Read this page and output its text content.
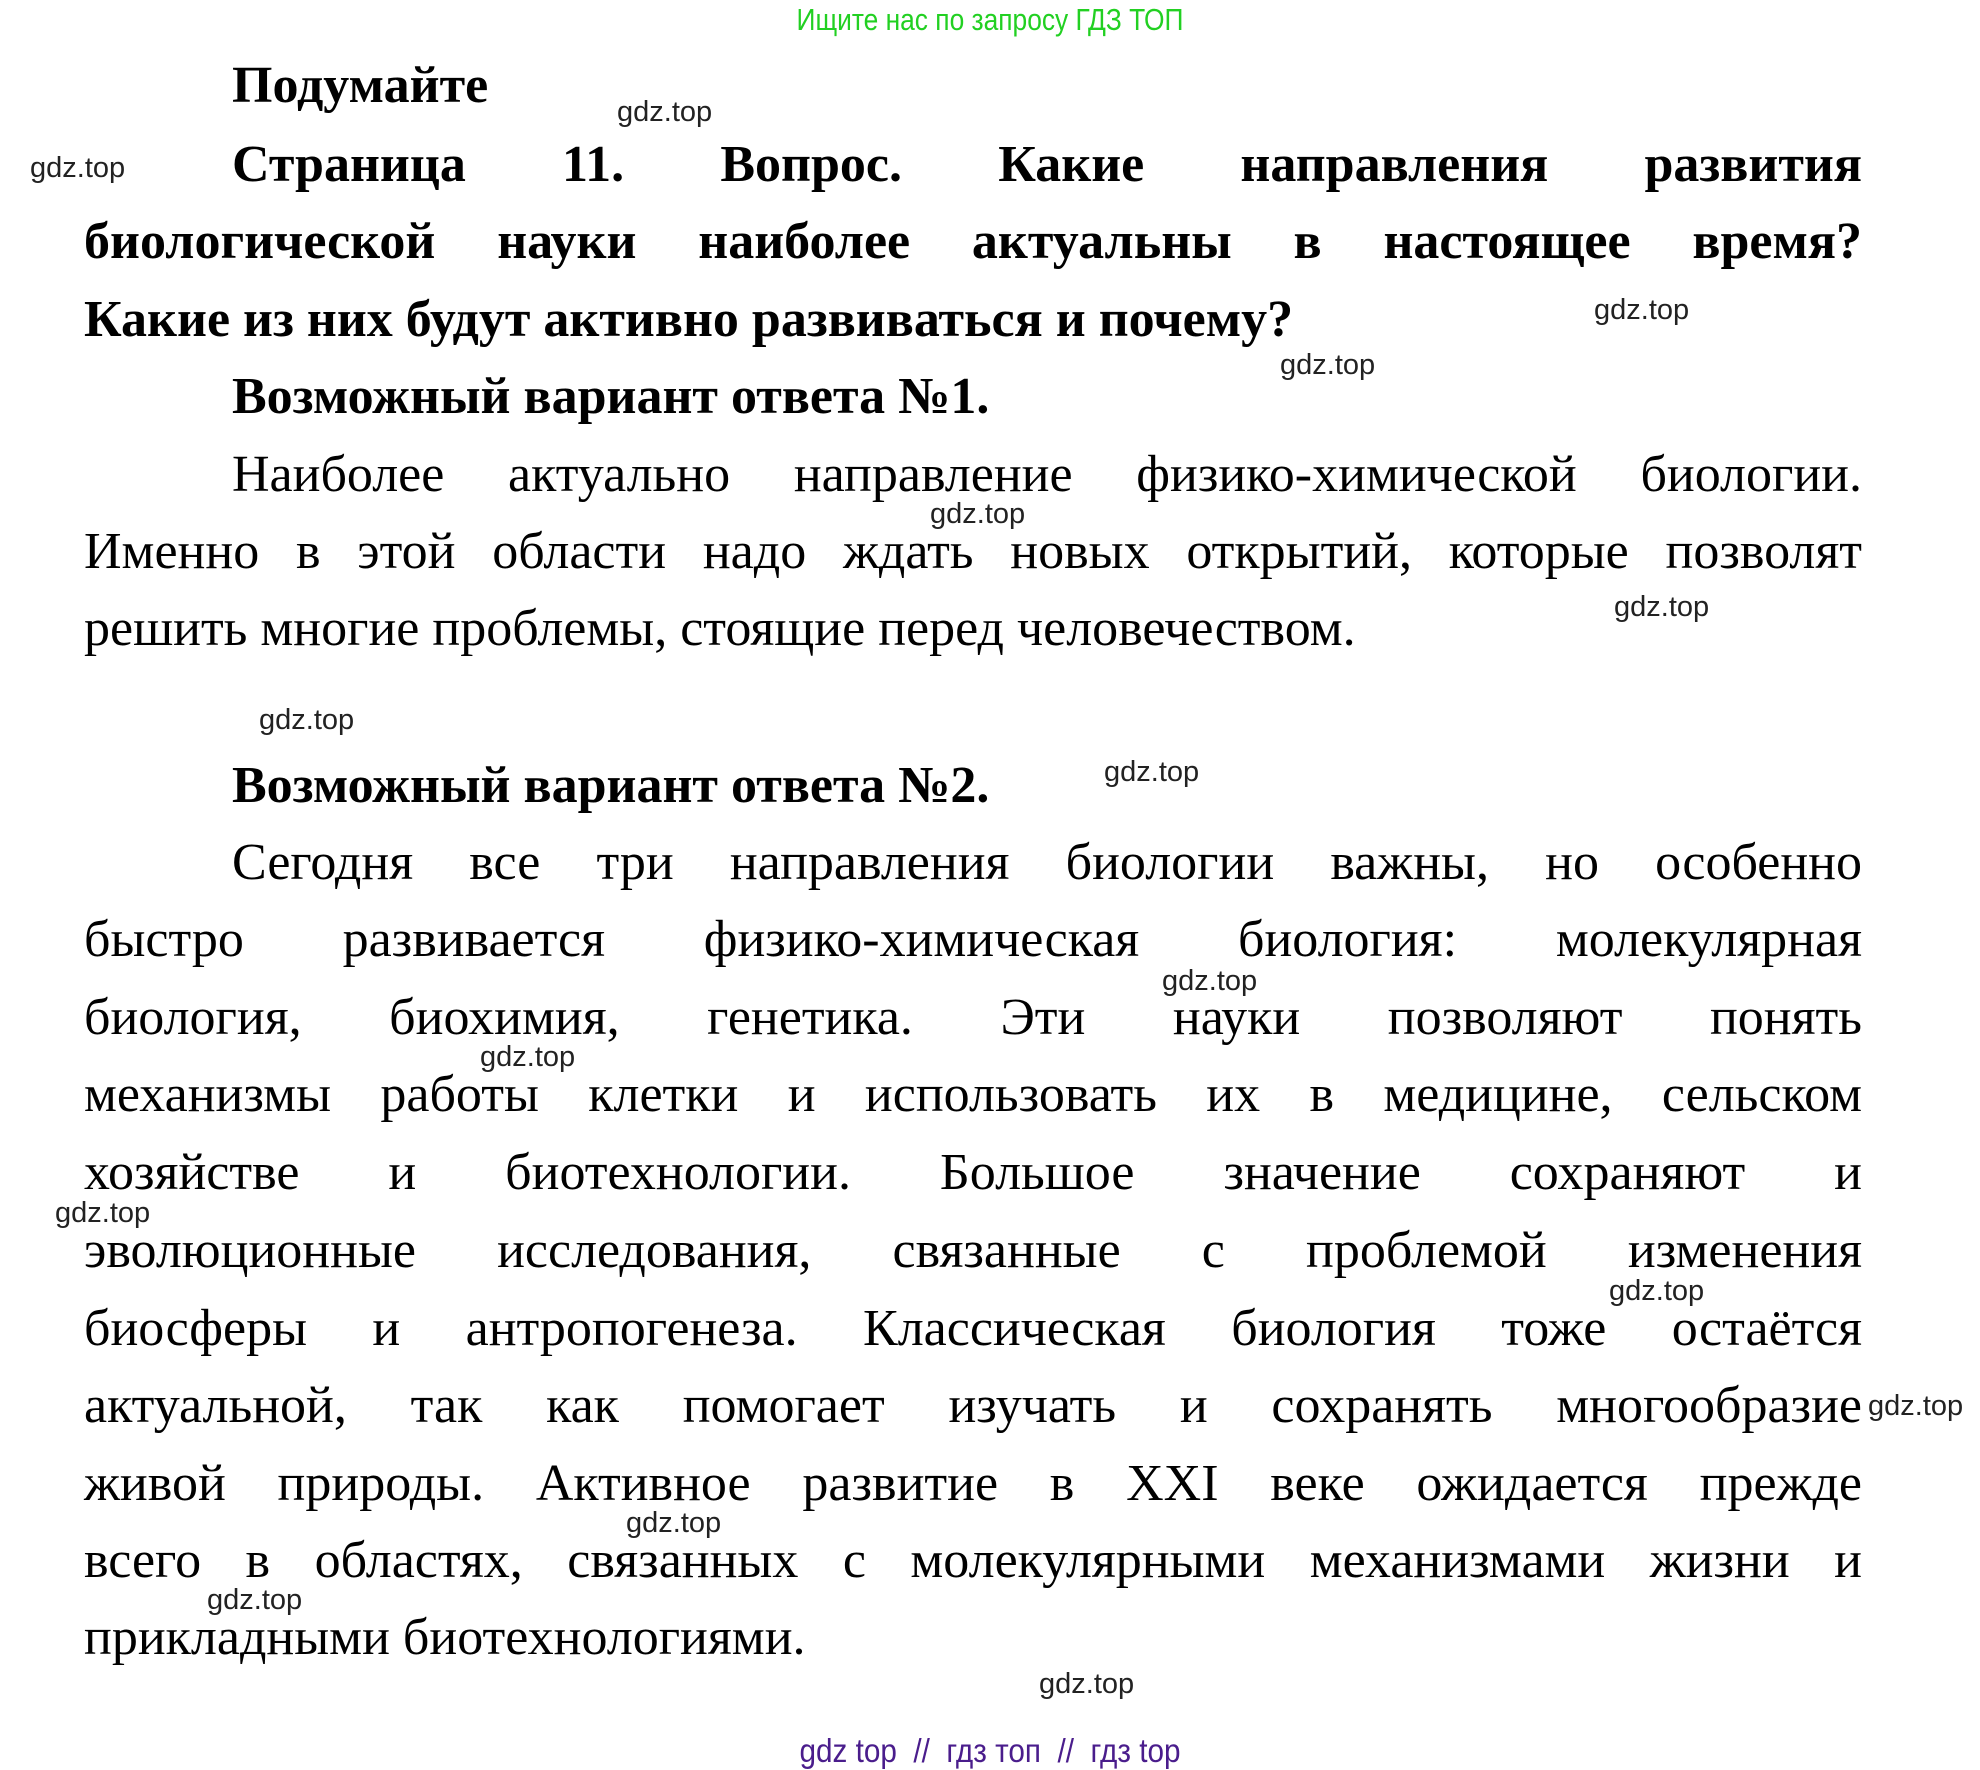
Ищите нас по запросу ГДЗ ТОП
Подумайте
Страница 11. Вопрос. Какие направления развития
биологической науки наиболее актуальны в настоящее время?
Какие из них будут активно развиваться и почему?
Возможный вариант ответа №1.
Наиболее актуально направление физико-химической биологии.
Именно в этой области надо ждать новых открытий, которые позволят
решить многие проблемы, стоящие перед человечеством.
Возможный вариант ответа №2.
Сегодня все три направления биологии важны, но особенно
быстро развивается физико-химическая биология: молекулярная
биология, биохимия, генетика. Эти науки позволяют понять
механизмы работы клетки и использовать их в медицине, сельском
хозяйстве и биотехнологии. Большое значение сохраняют и
эволюционные исследования, связанные с проблемой изменения
биосферы и антропогенеза. Классическая биология тоже остаётся
актуальной, так как помогает изучать и сохранять многообразие
живой природы. Активное развитие в XXI веке ожидается прежде
всего в областях, связанных с молекулярными механизмами жизни и
прикладными биотехнологиями.
gdz.top
gdz.top
gdz.top
gdz.top
gdz.top
gdz.top
gdz.top
gdz.top
gdz.top
gdz.top
gdz.top
gdz.top
gdz.top
gdz.top
gdz.top
gdz.top
gdz top  //  гдз топ  //  гдз top
